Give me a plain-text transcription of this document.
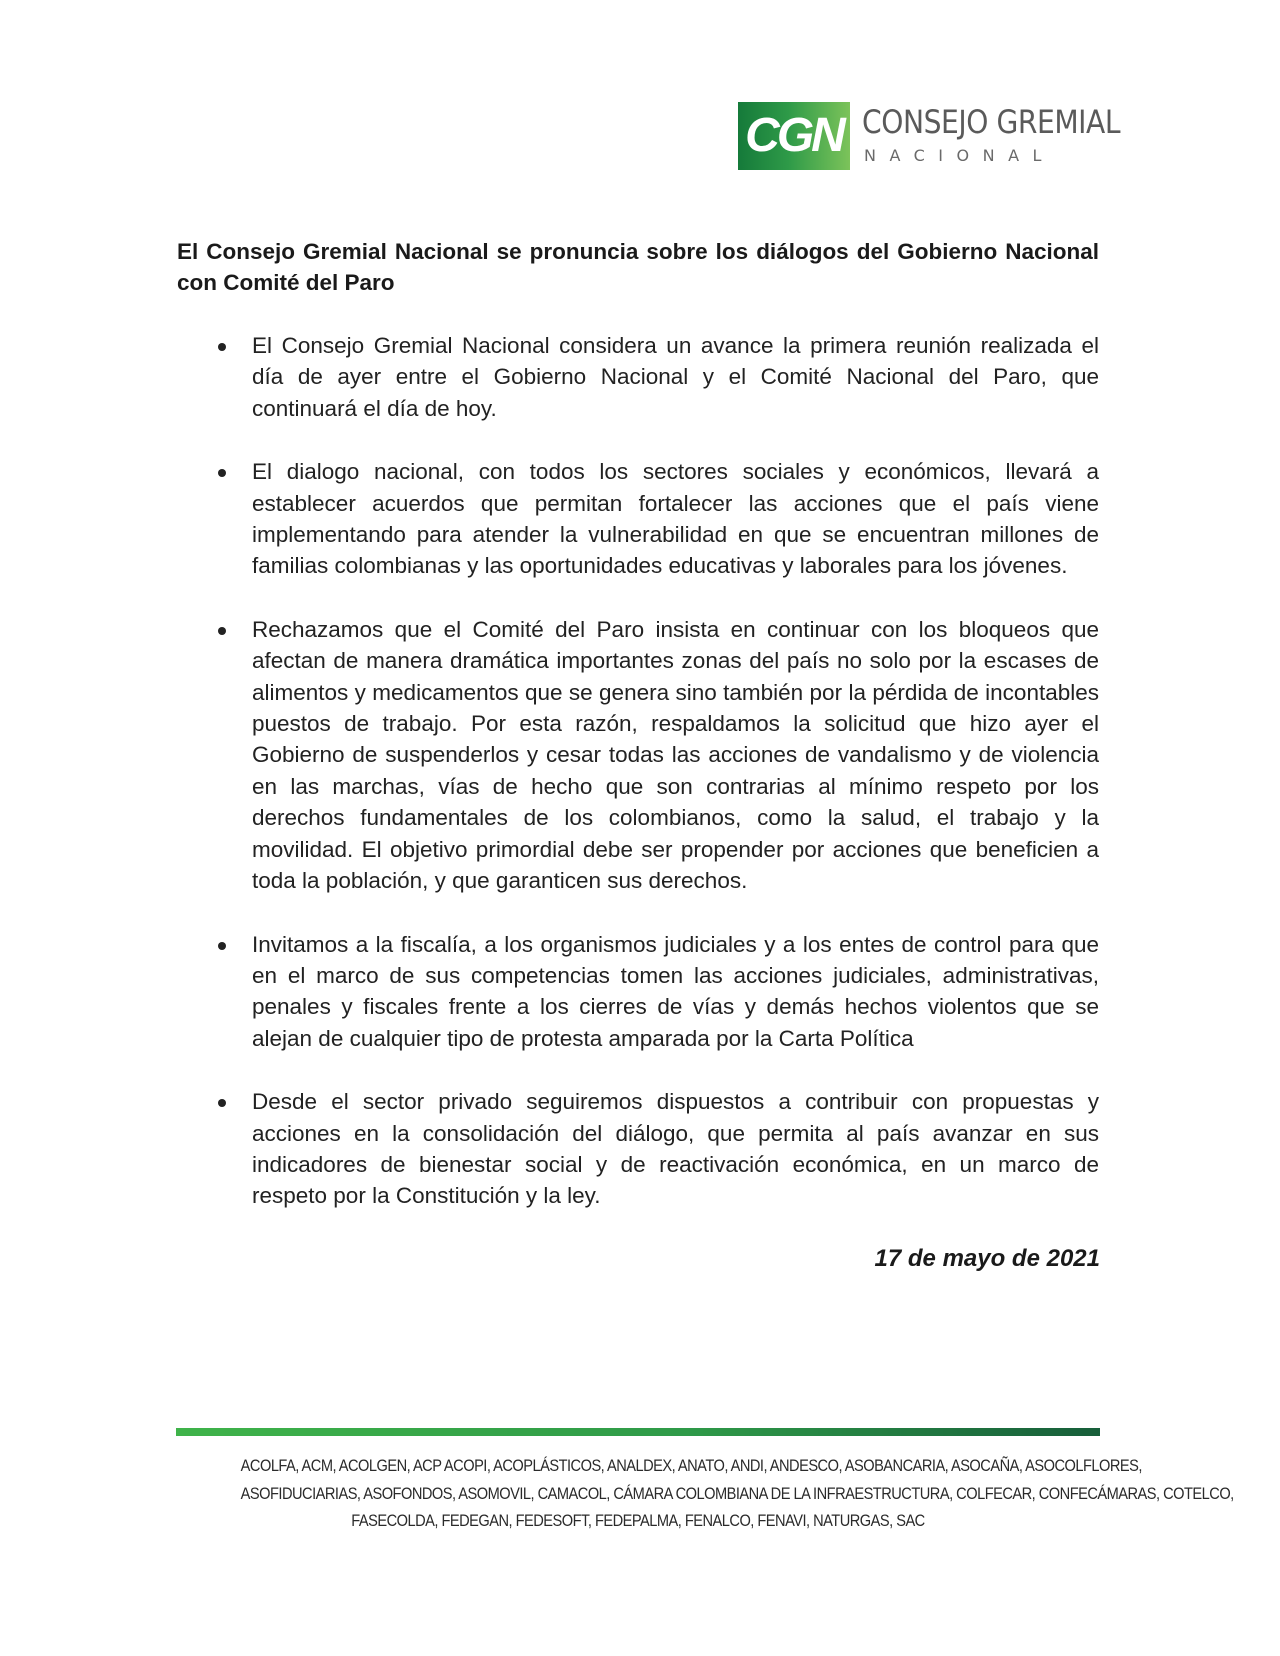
CGN CONSEJO GREMIAL
NACIONAL
El Consejo Gremial Nacional se pronuncia sobre los diálogos del Gobierno Nacional con Comité del Paro

El Consejo Gremial Nacional considera un avance la primera reunión realizada el día de ayer entre el Gobierno Nacional y el Comité Nacional del Paro, que continuará el día de hoy.

El dialogo nacional, con todos los sectores sociales y económicos, llevará a establecer acuerdos que permitan fortalecer las acciones que el país viene implementando para atender la vulnerabilidad en que se encuentran millones de familias colombianas y las oportunidades educativas y laborales para los jóvenes.

Rechazamos que el Comité del Paro insista en continuar con los bloqueos que afectan de manera dramática importantes zonas del país no solo por la escases de alimentos y medicamentos que se genera sino también por la pérdida de incontables puestos de trabajo. Por esta razón, respaldamos la solicitud que hizo ayer el Gobierno de suspenderlos y cesar todas las acciones de vandalismo y de violencia en las marchas, vías de hecho que son contrarias al mínimo respeto por los derechos fundamentales de los colombianos, como la salud, el trabajo y la movilidad. El objetivo primordial debe ser propender por acciones que beneficien a toda la población, y que garanticen sus derechos.

Invitamos a la fiscalía, a los organismos judiciales y a los entes de control para que en el marco de sus competencias tomen las acciones judiciales, administrativas, penales y fiscales frente a los cierres de vías y demás hechos violentos que se alejan de cualquier tipo de protesta amparada por la Carta Política

Desde el sector privado seguiremos dispuestos a contribuir con propuestas y acciones en la consolidación del diálogo, que permita al país avanzar en sus indicadores de bienestar social y de reactivación económica, en un marco de respeto por la Constitución y la ley.

17 de mayo de 2021
ACOLFA, ACM, ACOLGEN, ACP ACOPI, ACOPLÁSTICOS, ANALDEX, ANATO, ANDI, ANDESCO, ASOBANCARIA, ASOCAÑA, ASOCOLFLORES,
ASOFIDUCIARIAS, ASOFONDOS, ASOMOVIL, CAMACOL, CÁMARA COLOMBIANA DE LA INFRAESTRUCTURA, COLFECAR, CONFECÁMARAS, COTELCO,
FASECOLDA, FEDEGAN, FEDESOFT, FEDEPALMA, FENALCO, FENAVI, NATURGAS, SAC
